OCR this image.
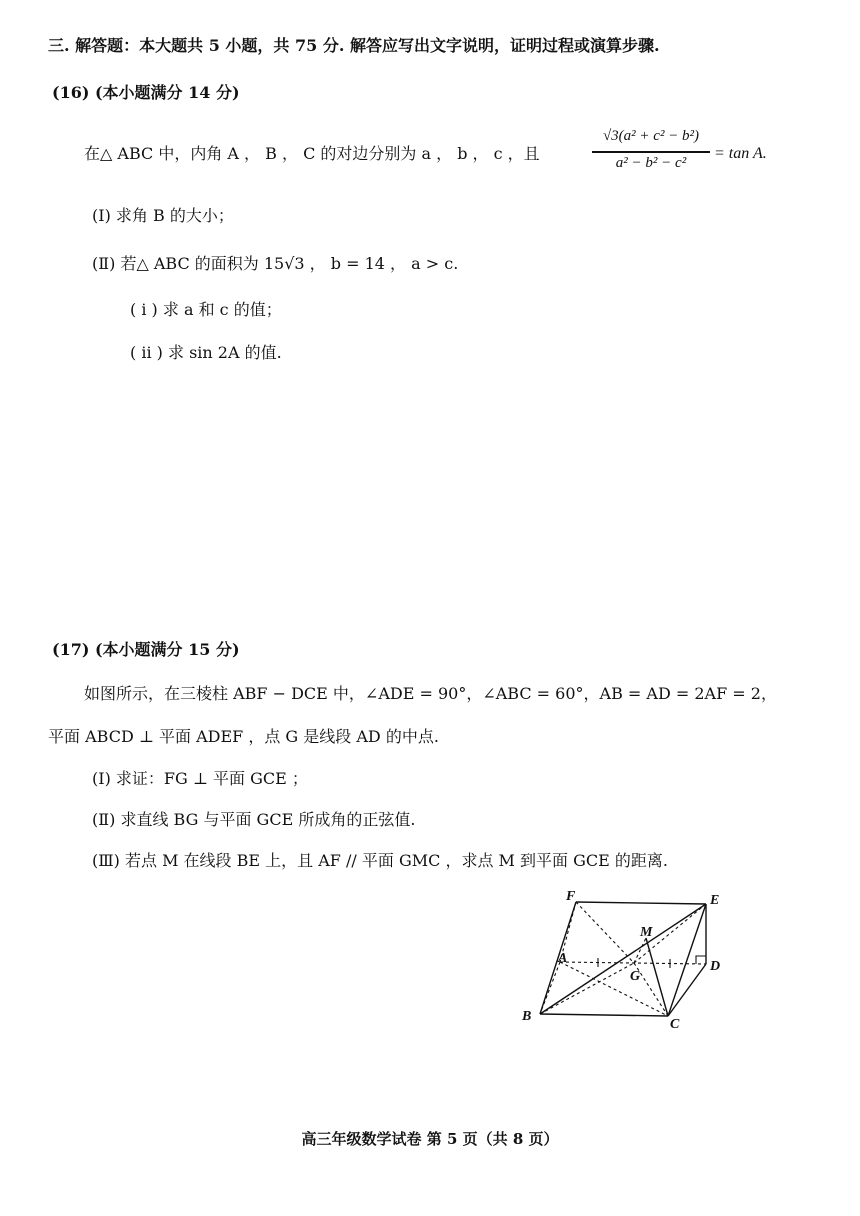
三. 解答题：本大题共 5 小题，共 75 分. 解答应写出文字说明，证明过程或演算步骤.
(16) (本小题满分 14 分)
在△ ABC 中，内角 A ， B ， C 的对边分别为 a ， b ， c ，且
√3(a² + c² − b²)
a² − b² − c²
= tan A.
(Ⅰ) 求角 B 的大小；
(Ⅱ) 若△ ABC 的面积为 15√3 ， b = 14 ， a > c.
( i ) 求 a 和 c 的值；
( ii ) 求 sin 2A 的值.
(17) (本小题满分 15 分)
如图所示，在三棱柱 ABF − DCE 中，∠ADE = 90°，∠ABC = 60°，AB = AD = 2AF = 2，
平面 ABCD ⊥ 平面 ADEF ，点 G 是线段 AD 的中点.
(Ⅰ) 求证：FG ⊥ 平面 GCE ；
(Ⅱ) 求直线 BG 与平面 GCE 所成角的正弦值.
(Ⅲ) 若点 M 在线段 BE 上，且 AF // 平面 GMC ，求点 M 到平面 GCE 的距离.
F	E
M
A
G
D
B
C
高三年级数学试卷 第 5 页（共 8 页）
